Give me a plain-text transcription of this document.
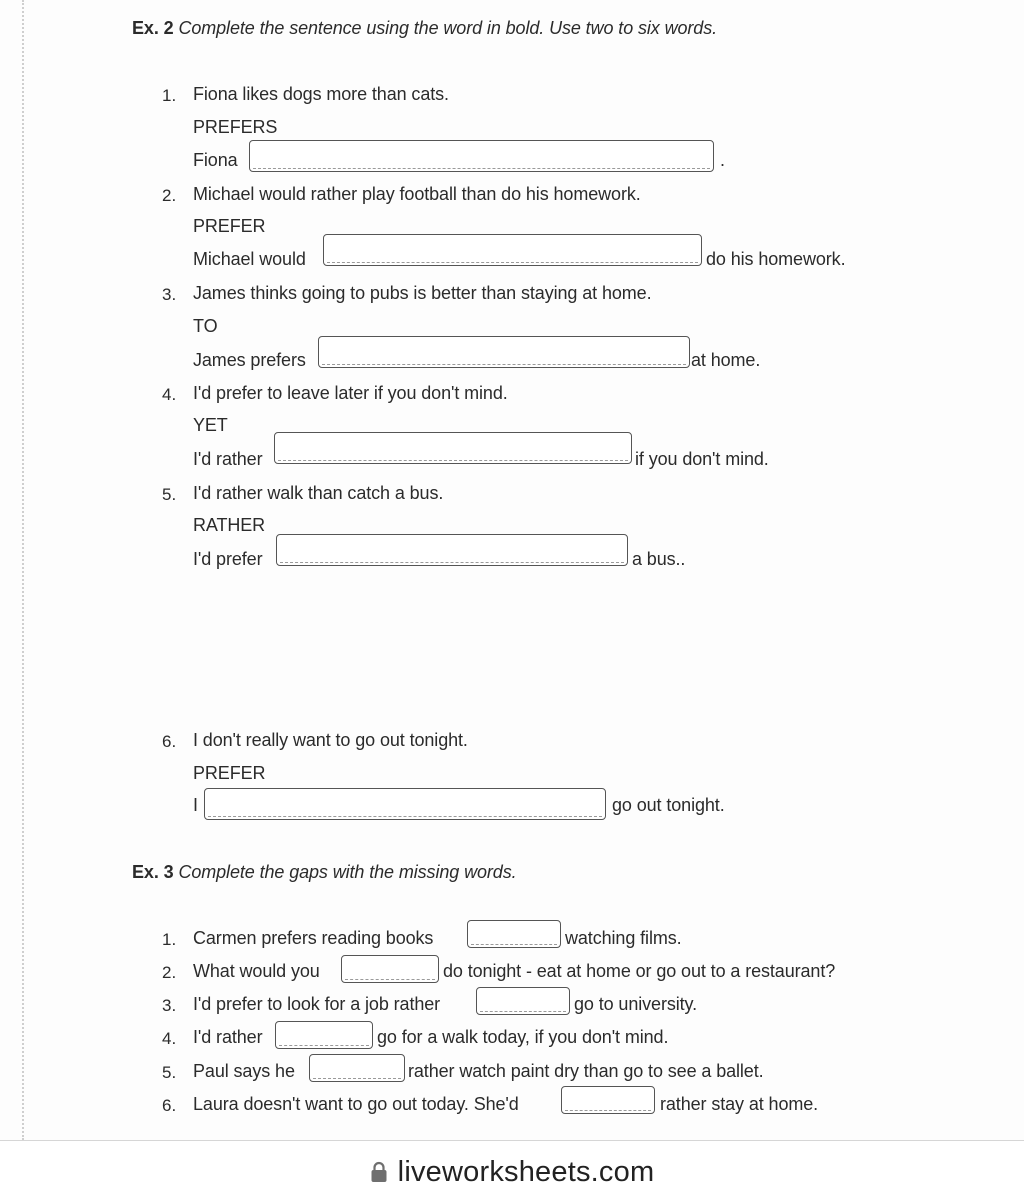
Ex. 2 Complete the sentence using the word in bold. Use two to six words.
1. Fiona likes dogs more than cats.
PREFERS
Fiona	.
2. Michael would rather play football than do his homework.
PREFER
Michael would	do his homework.
3. James thinks going to pubs is better than staying at home.
TO
James prefers	at home.
4. I'd prefer to leave later if you don't mind.
YET
I'd rather	if you don't mind.
5. I'd rather walk than catch a bus.
RATHER
I'd prefer	a bus..
6. I don't really want to go out tonight.
PREFER
I	go out tonight.
Ex. 3 Complete the gaps with the missing words.
1. Carmen prefers reading books	watching films.
2. What would you	do tonight - eat at home or go out to a restaurant?
3. I'd prefer to look for a job rather	go to university.
4. I'd rather	go for a walk today, if you don't mind.
5. Paul says he	rather watch paint dry than go to see a ballet.
6. Laura doesn't want to go out today. She'd	rather stay at home.
liveworksheets.com
